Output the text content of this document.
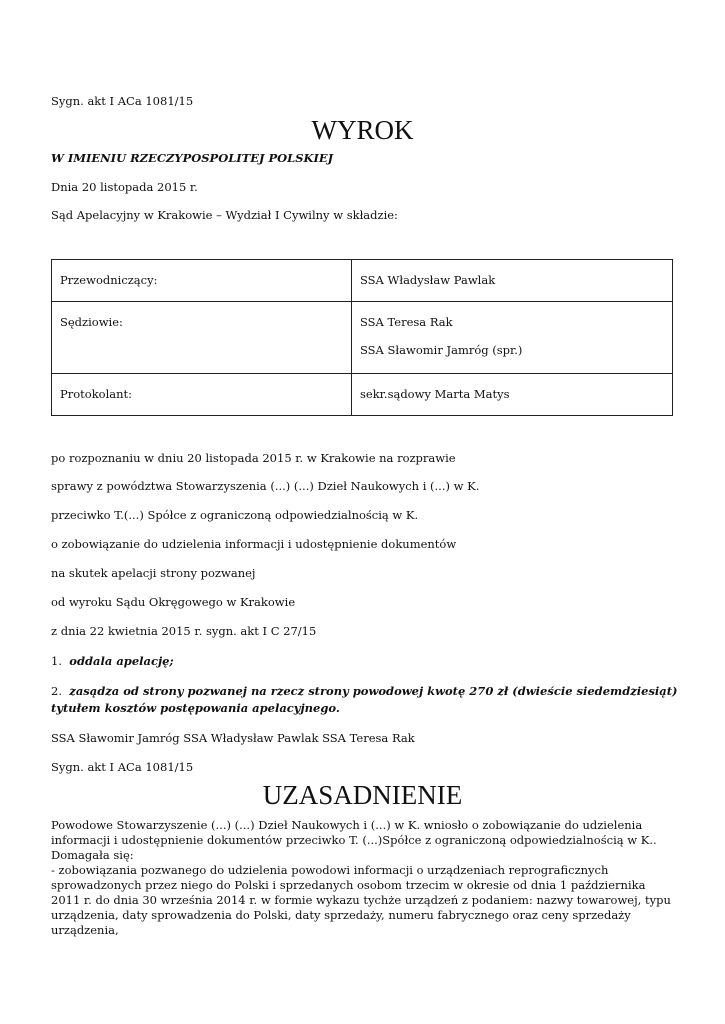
Sygn. akt I ACa 1081/15
WYROK
W IMIENIU RZECZYPOSPOLITEJ POLSKIEJ
Dnia 20 listopada 2015 r.
Sąd Apelacyjny w Krakowie – Wydział I Cywilny w składzie:
Przewodniczący:	SSA Władysław Pawlak
Sędziowie:	SSA Teresa Rak
SSA Sławomir Jamróg (spr.)

Protokolant:	sekr.sądowy Marta Matys
po rozpoznaniu w dniu 20 listopada 2015 r. w Krakowie na rozprawie
sprawy z powództwa Stowarzyszenia (...) (...) Dzieł Naukowych i (...) w K.
przeciwko T.(...) Spółce z ograniczoną odpowiedzialnością w K.
o zobowiązanie do udzielenia informacji i udostępnienie dokumentów
na skutek apelacji strony pozwanej
od wyroku Sądu Okręgowego w Krakowie
z dnia 22 kwietnia 2015 r. sygn. akt I C 27/15
1. oddala apelację;
2. zasądza od strony pozwanej na rzecz strony powodowej kwotę 270 zł (dwieście siedemdziesiąt)
tytułem kosztów postępowania apelacyjnego.
SSA Sławomir Jamróg SSA Władysław Pawlak SSA Teresa Rak
Sygn. akt I ACa 1081/15
UZASADNIENIE
Powodowe Stowarzyszenie (...) (...) Dzieł Naukowych i (...) w K. wniosło o zobowiązanie do udzielenia informacji i udostępnienie dokumentów przeciwko T. (...)Spółce z ograniczoną odpowiedzialnością w K.. Domagała się:
- zobowiązania pozwanego do udzielenia powodowi informacji o urządzeniach reprograficznych sprowadzonych przez niego do Polski i sprzedanych osobom trzecim w okresie od dnia 1 października 2011 r. do dnia 30 września 2014 r. w formie wykazu tychże urządzeń z podaniem: nazwy towarowej, typu urządzenia, daty sprowadzenia do Polski, daty sprzedaży, numeru fabrycznego oraz ceny sprzedaży urządzenia,
